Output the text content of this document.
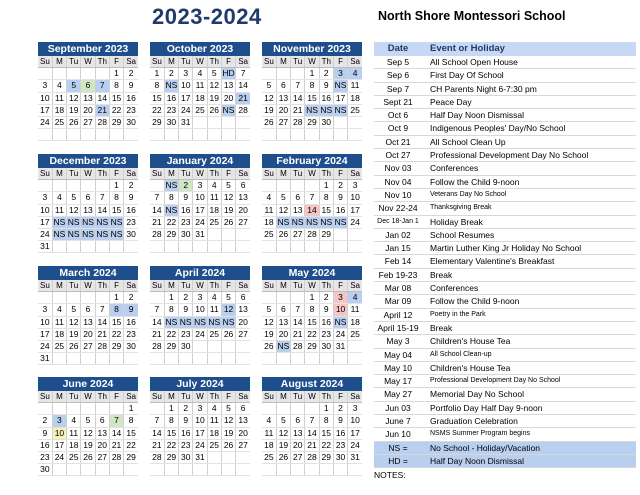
2023-2024	North Shore Montessori School
September 2023
Su	M	Tu	W	Th	F	Sa
					1	2
3	4	5	6	7	8	9
10	11	12	13	14	15	16
17	18	19	20	21	22	23
24	25	26	27	28	29	30

October 2023
Su	M	Tu	W	Th	F	Sa
1	2	3	4	5	HD	7
8	NS	10	11	12	13	14
15	16	17	18	19	20	21
22	23	24	25	26	NS	28
29	30	31				

November 2023
Su	M	Tu	W	Th	F	Sa
			1	2	3	4
5	6	7	8	9	NS	11
12	13	14	15	16	17	18
19	20	21	NS	NS	NS	25
26	27	28	29	30		

December 2023
Su	M	Tu	W	Th	F	Sa
					1	2
3	4	5	6	7	8	9
10	11	12	13	14	15	16
17	NS	NS	NS	NS	NS	23
24	NS	NS	NS	NS	NS	30
31						
January 2024
Su	M	Tu	W	Th	F	Sa
	NS	2	3	4	5	6
7	8	9	10	11	12	13
14	NS	16	17	18	19	20
21	22	23	24	25	26	27
28	29	30	31			

February 2024
Su	M	Tu	W	Th	F	Sa
				1	2	3
4	5	6	7	8	9	10
11	12	13	14	15	16	17
18	NS	NS	NS	NS	NS	24
25	26	27	28	29		

March 2024
Su	M	Tu	W	Th	F	Sa
					1	2
3	4	5	6	7	8	9
10	11	12	13	14	15	16
17	18	19	20	21	22	23
24	25	26	27	28	29	30
31						
April 2024
Su	M	Tu	W	Th	F	Sa
	1	2	3	4	5	6
7	8	9	10	11	12	13
14	NS	NS	NS	NS	NS	20
21	22	23	24	25	26	27
28	29	30				

May 2024
Su	M	Tu	W	Th	F	Sa
			1	2	3	4
5	6	7	8	9	10	11
12	13	14	15	16	NS	18
19	20	21	22	23	24	25
26	NS	28	29	30	31	

June 2024
Su	M	Tu	W	Th	F	Sa
						1
2	3	4	5	6	7	8
9	10	11	12	13	14	15
16	17	18	19	20	21	22
23	24	25	26	27	28	29
30						
July 2024
Su	M	Tu	W	Th	F	Sa
	1	2	3	4	5	6
7	8	9	10	11	12	13
14	15	16	17	18	19	20
21	22	23	24	25	26	27
28	29	30	31			

August 2024
Su	M	Tu	W	Th	F	Sa
				1	2	3
4	5	6	7	8	9	10
11	12	13	14	15	16	17
18	19	20	21	22	23	24
25	26	27	28	29	30	31

Date	Event or Holiday
Sep 5	All School Open House
Sep 6	First Day Of School
Sep 7	CH Parents Night 6-7:30 pm
Sept 21	Peace Day
Oct 6	Half Day Noon Dismissal
Oct 9	Indigenous Peoples' Day/No School
Oct 21	All School Clean Up
Oct 27	Professional Development Day No School
Nov 03	Conferences
Nov 04	Follow the Child 9-noon
Nov 10	Veterans Day No School
Nov 22-24	Thanksgiving Break
Dec 18-Jan 1	Holiday Break
Jan 02	School Resumes
Jan 15	Martin Luther King Jr Holiday No School
Feb 14	Elementary Valentine's Breakfast
Feb 19-23	Break
Mar 08	Conferences
Mar 09	Follow the Child 9-noon
April 12	Poetry in the Park
April 15-19	Break
May 3	Children's House Tea
May 04	All School Clean-up
May 10	Children's House Tea
May 17	Professional Development Day No School
May 27	Memorial Day No School
Jun 03	Portfolio Day Half Day 9-noon
June 7	Graduation Celebration
Jun 10	NSMS Summer Program begins
NS =	No School - Holiday/Vacation
HD =	Half Day Noon Dismissal
NOTES:
